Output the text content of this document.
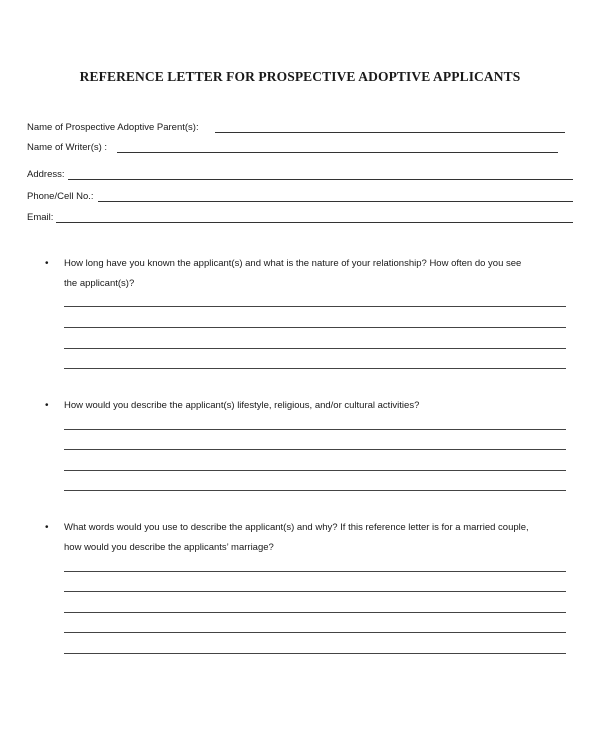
REFERENCE LETTER FOR PROSPECTIVE ADOPTIVE APPLICANTS
Name of Prospective Adoptive Parent(s):
Name of Writer(s) :
Address:
Phone/Cell No.:
Email:
• How long have you known the applicant(s) and what is the nature of your relationship? How often do you see
the applicant(s)?
• How would you describe the applicant(s) lifestyle, religious, and/or cultural activities?
• What words would you use to describe the applicant(s) and why? If this reference letter is for a married couple,
how would you describe the applicants’ marriage?
